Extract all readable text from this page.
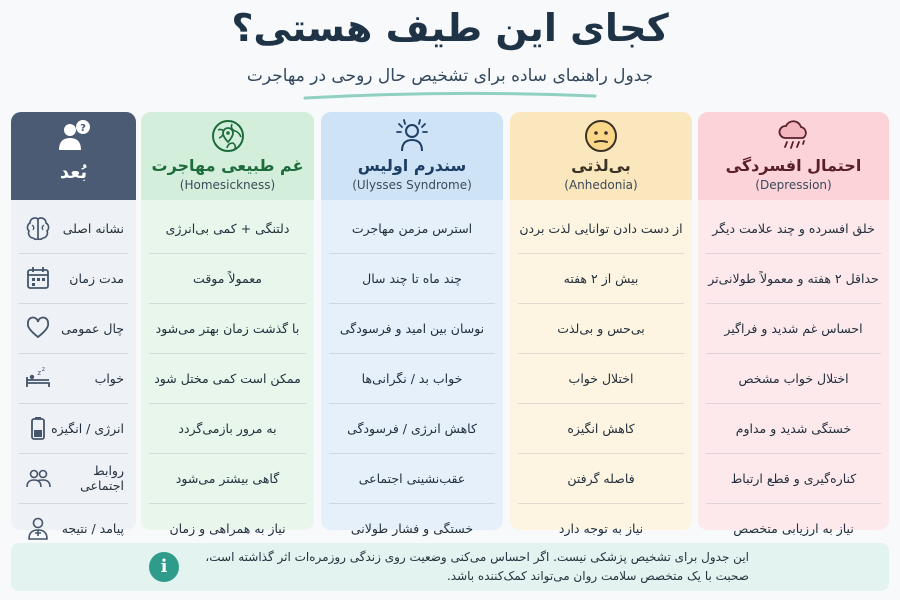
کجای این طیف هستی؟
جدول راهنمای ساده برای تشخیص حال روحی در مهاجرت
?
بُعد
نشانه اصلی
مدت زمان
چال عمومی
خواب
z z
انرژی / انگیزه
روابط اجتماعی
پیامد / نتیجه
غم طبیعی مهاجرت
(Homesickness)
دلتنگی + کمی بی‌انرژی
معمولاً موقت
با گذشت زمان بهتر می‌شود
ممکن است کمی مختل شود
به مرور بازمی‌گردد
گاهی بیشتر می‌شود
نیاز به همراهی و زمان
سندرم اولیس
(Ulysses Syndrome)
استرس مزمن مهاجرت
چند ماه تا چند سال
نوسان بین امید و فرسودگی
خواب بد / نگرانی‌ها
کاهش انرژی / فرسودگی
عقب‌نشینی اجتماعی
خستگی و فشار طولانی
بی‌لذتی
(Anhedonia)
از دست دادن توانایی لذت بردن
بیش از ۲ هفته
بی‌حس و بی‌لذت
اختلال خواب
کاهش انگیزه
فاصله گرفتن
نیاز به توجه دارد
احتمال افسردگی
(Depression)
خلق افسرده و چند علامت دیگر
حداقل ۲ هفته و معمولاً طولانی‌تر
احساس غم شدید و فراگیر
اختلال خواب مشخص
خستگی شدید و مداوم
کناره‌گیری و قطع ارتباط
نیاز به ارزیابی متخصص
i	این جدول برای تشخیص پزشکی نیست. اگر احساس می‌کنی وضعیت روی زندگی روزمره‌ات اثر گذاشته است،
صحبت با یک متخصص سلامت روان می‌تواند کمک‌کننده باشد.
